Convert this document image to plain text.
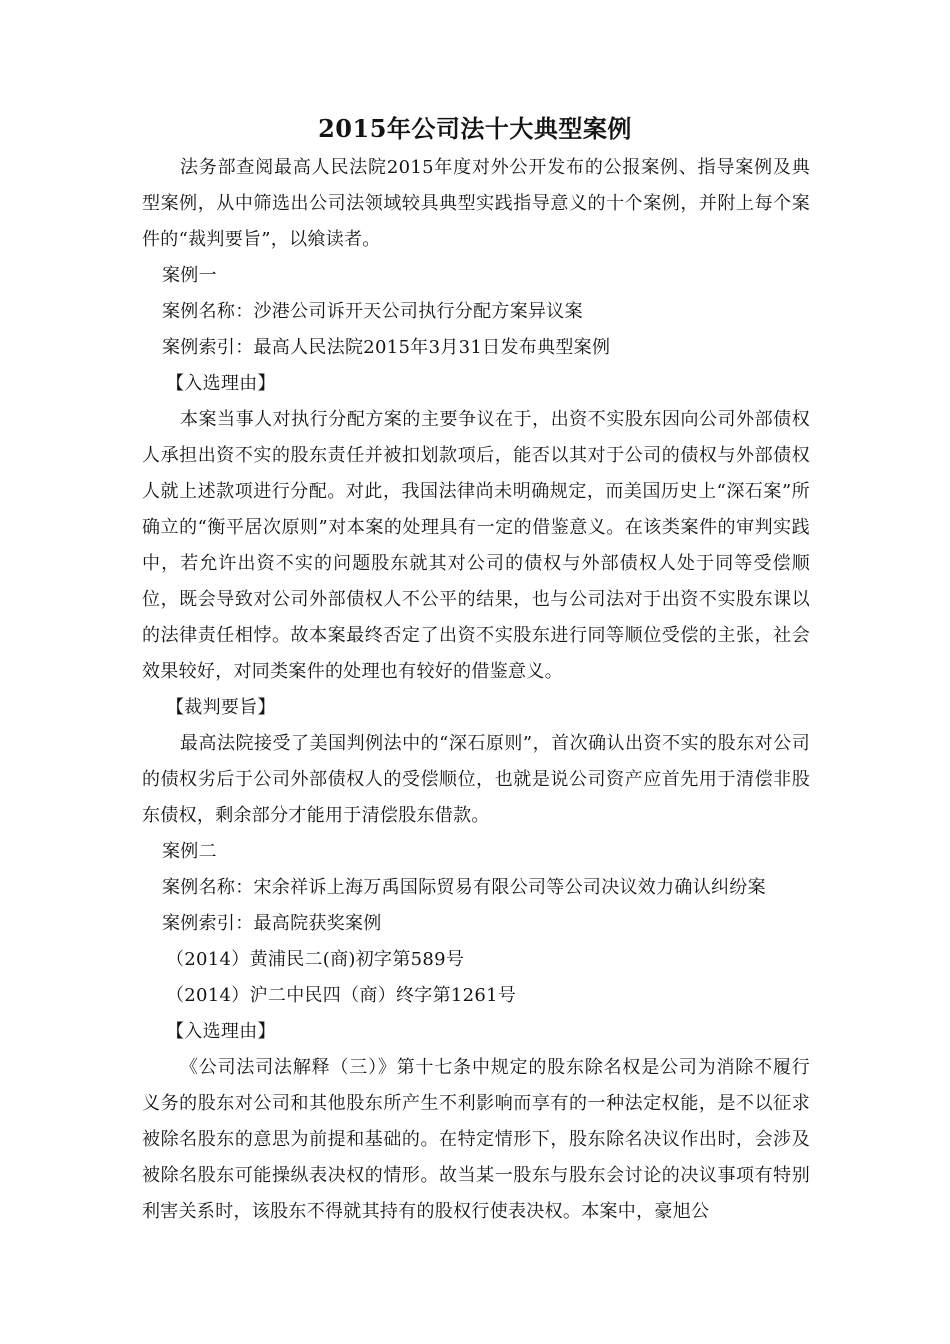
2015年公司法十大典型案例

法务部查阅最高人民法院2015年度对外公开发布的公报案例、指导案例及典型案例，从中筛选出公司法领域较具典型实践指导意义的十个案例，并附上每个案件的“裁判要旨”，以飨读者。

案例一

案例名称：沙港公司诉开天公司执行分配方案异议案

案例索引：最高人民法院2015年3月31日发布典型案例

【入选理由】

本案当事人对执行分配方案的主要争议在于，出资不实股东因向公司外部债权人承担出资不实的股东责任并被扣划款项后，能否以其对于公司的债权与外部债权人就上述款项进行分配。对此，我国法律尚未明确规定，而美国历史上“深石案”所确立的“衡平居次原则”对本案的处理具有一定的借鉴意义。在该类案件的审判实践中，若允许出资不实的问题股东就其对公司的债权与外部债权人处于同等受偿顺位，既会导致对公司外部债权人不公平的结果，也与公司法对于出资不实股东课以的法律责任相悖。故本案最终否定了出资不实股东进行同等顺位受偿的主张，社会效果较好，对同类案件的处理也有较好的借鉴意义。

【裁判要旨】

最高法院接受了美国判例法中的“深石原则”，首次确认出资不实的股东对公司的债权劣后于公司外部债权人的受偿顺位，也就是说公司资产应首先用于清偿非股东债权，剩余部分才能用于清偿股东借款。

案例二

案例名称：宋余祥诉上海万禹国际贸易有限公司等公司决议效力确认纠纷案

案例索引：最高院获奖案例

（2014）黄浦民二(商)初字第589号

（2014）沪二中民四（商）终字第1261号

【入选理由】

《公司法司法解释（三）》第十七条中规定的股东除名权是公司为消除不履行义务的股东对公司和其他股东所产生不利影响而享有的一种法定权能，是不以征求被除名股东的意思为前提和基础的。在特定情形下，股东除名决议作出时，会涉及被除名股东可能操纵表决权的情形。故当某一股东与股东会讨论的决议事项有特别利害关系时，该股东不得就其持有的股权行使表决权。本案中，豪旭公
